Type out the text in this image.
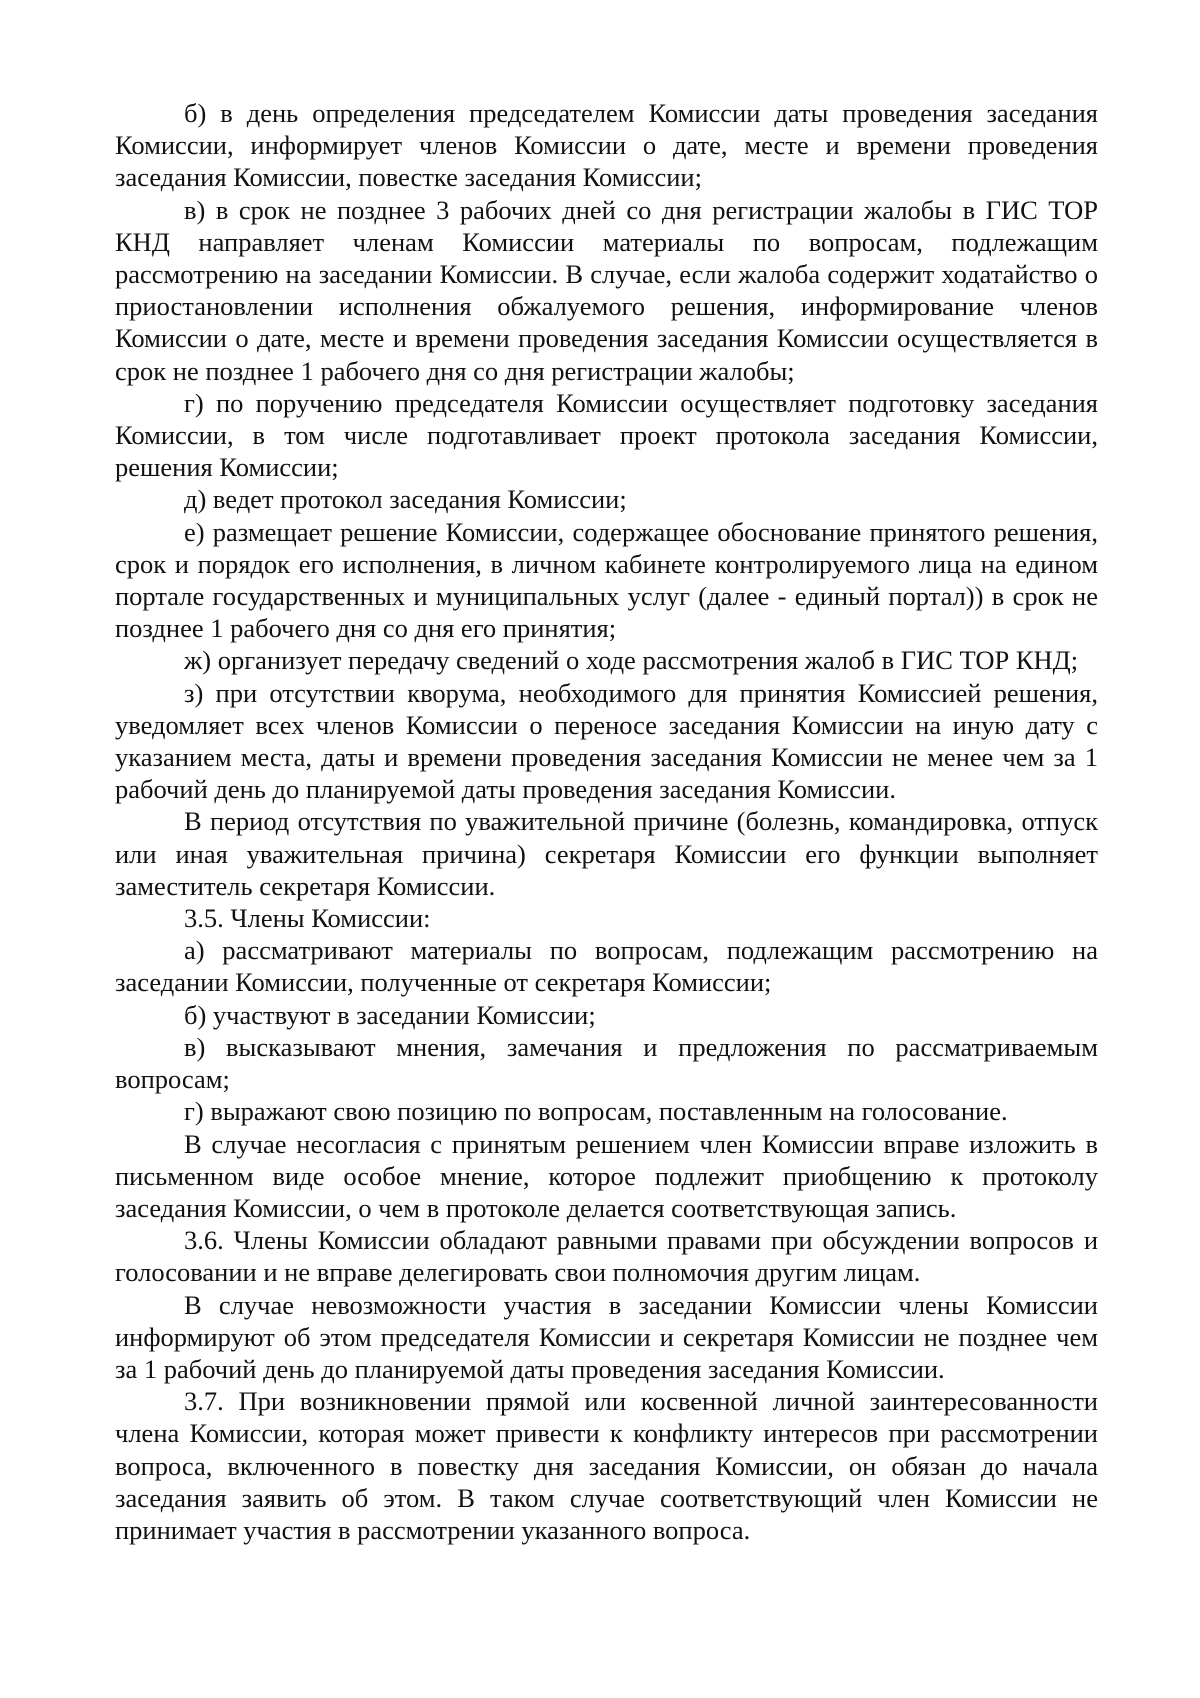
б) в день определения председателем Комиссии даты проведения заседания Комиссии, информирует членов Комиссии о дате, месте и времени проведения заседания Комиссии, повестке заседания Комиссии;

в) в срок не позднее 3 рабочих дней со дня регистрации жалобы в ГИС ТОР КНД направляет членам Комиссии материалы по вопросам, подлежащим рассмотрению на заседании Комиссии. В случае, если жалоба содержит ходатайство о приостановлении исполнения обжалуемого решения, информирование членов Комиссии о дате, месте и времени проведения заседания Комиссии осуществляется в срок не позднее 1 рабочего дня со дня регистрации жалобы;

г) по поручению председателя Комиссии осуществляет подготовку заседания Комиссии, в том числе подготавливает проект протокола заседания Комиссии, решения Комиссии;

д) ведет протокол заседания Комиссии;

е) размещает решение Комиссии, содержащее обоснование принятого решения, срок и порядок его исполнения, в личном кабинете контролируемого лица на едином портале государственных и муниципальных услуг (далее - единый портал)) в срок не позднее 1 рабочего дня со дня его принятия;

ж) организует передачу сведений о ходе рассмотрения жалоб в ГИС ТОР КНД;

з) при отсутствии кворума, необходимого для принятия Комиссией решения, уведомляет всех членов Комиссии о переносе заседания Комиссии на иную дату с указанием места, даты и времени проведения заседания Комиссии не менее чем за 1 рабочий день до планируемой даты проведения заседания Комиссии.

В период отсутствия по уважительной причине (болезнь, командировка, отпуск или иная уважительная причина) секретаря Комиссии его функции выполняет заместитель секретаря Комиссии.

3.5. Члены Комиссии:

а) рассматривают материалы по вопросам, подлежащим рассмотрению на заседании Комиссии, полученные от секретаря Комиссии;

б) участвуют в заседании Комиссии;

в) высказывают мнения, замечания и предложения по рассматриваемым вопросам;

г) выражают свою позицию по вопросам, поставленным на голосование.

В случае несогласия с принятым решением член Комиссии вправе изложить в письменном виде особое мнение, которое подлежит приобщению к протоколу заседания Комиссии, о чем в протоколе делается соответствующая запись.

3.6. Члены Комиссии обладают равными правами при обсуждении вопросов и голосовании и не вправе делегировать свои полномочия другим лицам.

В случае невозможности участия в заседании Комиссии члены Комиссии информируют об этом председателя Комиссии и секретаря Комиссии не позднее чем за 1 рабочий день до планируемой даты проведения заседания Комиссии.

3.7. При возникновении прямой или косвенной личной заинтересованности члена Комиссии, которая может привести к конфликту интересов при рассмотрении вопроса, включенного в повестку дня заседания Комиссии, он обязан до начала заседания заявить об этом. В таком случае соответствующий член Комиссии не принимает участия в рассмотрении указанного вопроса.
